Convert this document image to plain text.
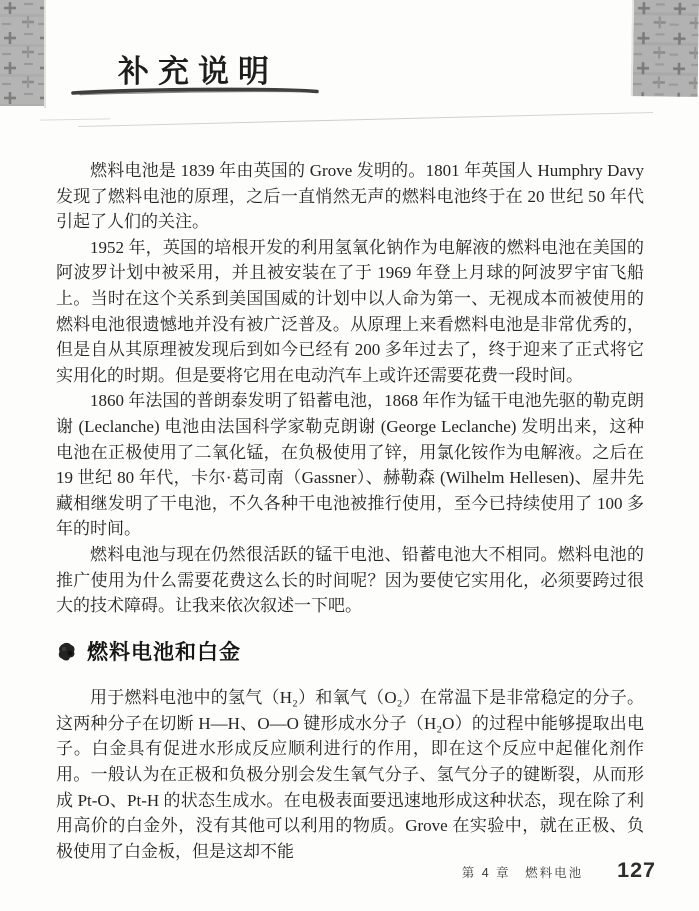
补充说明

燃料电池是 1839 年由英国的 Grove 发明的。1801 年英国人 Humphry Davy 发现了燃料电池的原理，之后一直悄然无声的燃料电池终于在 20 世纪 50 年代引起了人们的关注。

1952 年，英国的培根开发的利用氢氧化钠作为电解液的燃料电池在美国的阿波罗计划中被采用，并且被安装在了于 1969 年登上月球的阿波罗宇宙飞船上。当时在这个关系到美国国威的计划中以人命为第一、无视成本而被使用的燃料电池很遗憾地并没有被广泛普及。从原理上来看燃料电池是非常优秀的，但是自从其原理被发现后到如今已经有 200 多年过去了，终于迎来了正式将它实用化的时期。但是要将它用在电动汽车上或许还需要花费一段时间。

1860 年法国的普朗泰发明了铅蓄电池，1868 年作为锰干电池先驱的勒克朗谢 (Leclanche) 电池由法国科学家勒克朗谢 (George Leclanche) 发明出来，这种电池在正极使用了二氧化锰，在负极使用了锌，用氯化铵作为电解液。之后在 19 世纪 80 年代，卡尔·葛司南（Gassner）、赫勒森 (Wilhelm Hellesen)、屋井先藏相继发明了干电池，不久各种干电池被推行使用，至今已持续使用了 100 多年的时间。

燃料电池与现在仍然很活跃的锰干电池、铅蓄电池大不相同。燃料电池的推广使用为什么需要花费这么长的时间呢？因为要使它实用化，必须要跨过很大的技术障碍。让我来依次叙述一下吧。

燃料电池和白金

用于燃料电池中的氢气（H₂）和氧气（O₂）在常温下是非常稳定的分子。这两种分子在切断 H—H、O—O 键形成水分子（H₂O）的过程中能够提取出电子。白金具有促进水形成反应顺利进行的作用，即在这个反应中起催化剂作用。一般认为在正极和负极分别会发生氧气分子、氢气分子的键断裂，从而形成 Pt-O、Pt-H 的状态生成水。在电极表面要迅速地形成这种状态，现在除了利用高价的白金外，没有其他可以利用的物质。Grove 在实验中，就在正极、负极使用了白金板，但是这却不能

第 4 章　燃料电池 127
